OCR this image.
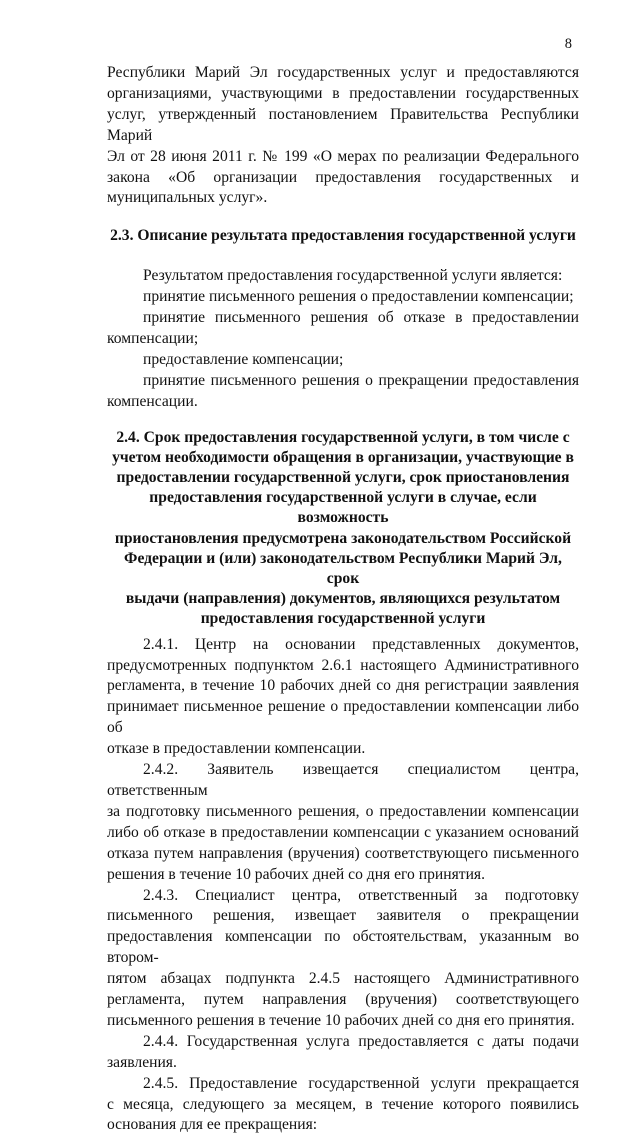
8

Республики Марий Эл государственных услуг и предоставляются

организациями, участвующими в предоставлении государственных

услуг, утвержденный постановлением Правительства Республики Марий

Эл от 28 июня 2011 г. № 199 «О мерах по реализации Федерального

закона «Об организации предоставления государственных и

муниципальных услуг».

2.3. Описание результата предоставления государственной услуги

Результатом предоставления государственной услуги является:

принятие письменного решения о предоставлении компенсации;

принятие письменного решения об отказе в предоставлении

компенсации;

предоставление компенсации;

принятие письменного решения о прекращении предоставления

компенсации.

2.4. Срок предоставления государственной услуги, в том числе с

учетом необходимости обращения в организации, участвующие в

предоставлении государственной услуги, срок приостановления

предоставления государственной услуги в случае, если возможность

приостановления предусмотрена законодательством Российской

Федерации и (или) законодательством Республики Марий Эл, срок

выдачи (направления) документов, являющихся результатом

предоставления государственной услуги

2.4.1. Центр на основании представленных документов,

предусмотренных подпунктом 2.6.1 настоящего Административного

регламента, в течение 10 рабочих дней со дня регистрации заявления

принимает письменное решение о предоставлении компенсации либо об

отказе в предоставлении компенсации.

2.4.2. Заявитель извещается специалистом центра, ответственным

за подготовку письменного решения, о предоставлении компенсации

либо об отказе в предоставлении компенсации с указанием оснований

отказа путем направления (вручения) соответствующего письменного

решения в течение 10 рабочих дней со дня его принятия.

2.4.3. Специалист центра, ответственный за подготовку

письменного решения, извещает заявителя о прекращении

предоставления компенсации по обстоятельствам, указанным во втором-

пятом абзацах подпункта 2.4.5 настоящего Административного

регламента, путем направления (вручения) соответствующего

письменного решения в течение 10 рабочих дней со дня его принятия.

2.4.4. Государственная услуга предоставляется с даты подачи

заявления.

2.4.5. Предоставление государственной услуги прекращается

с месяца, следующего за месяцем, в течение которого появились

основания для ее прекращения:
